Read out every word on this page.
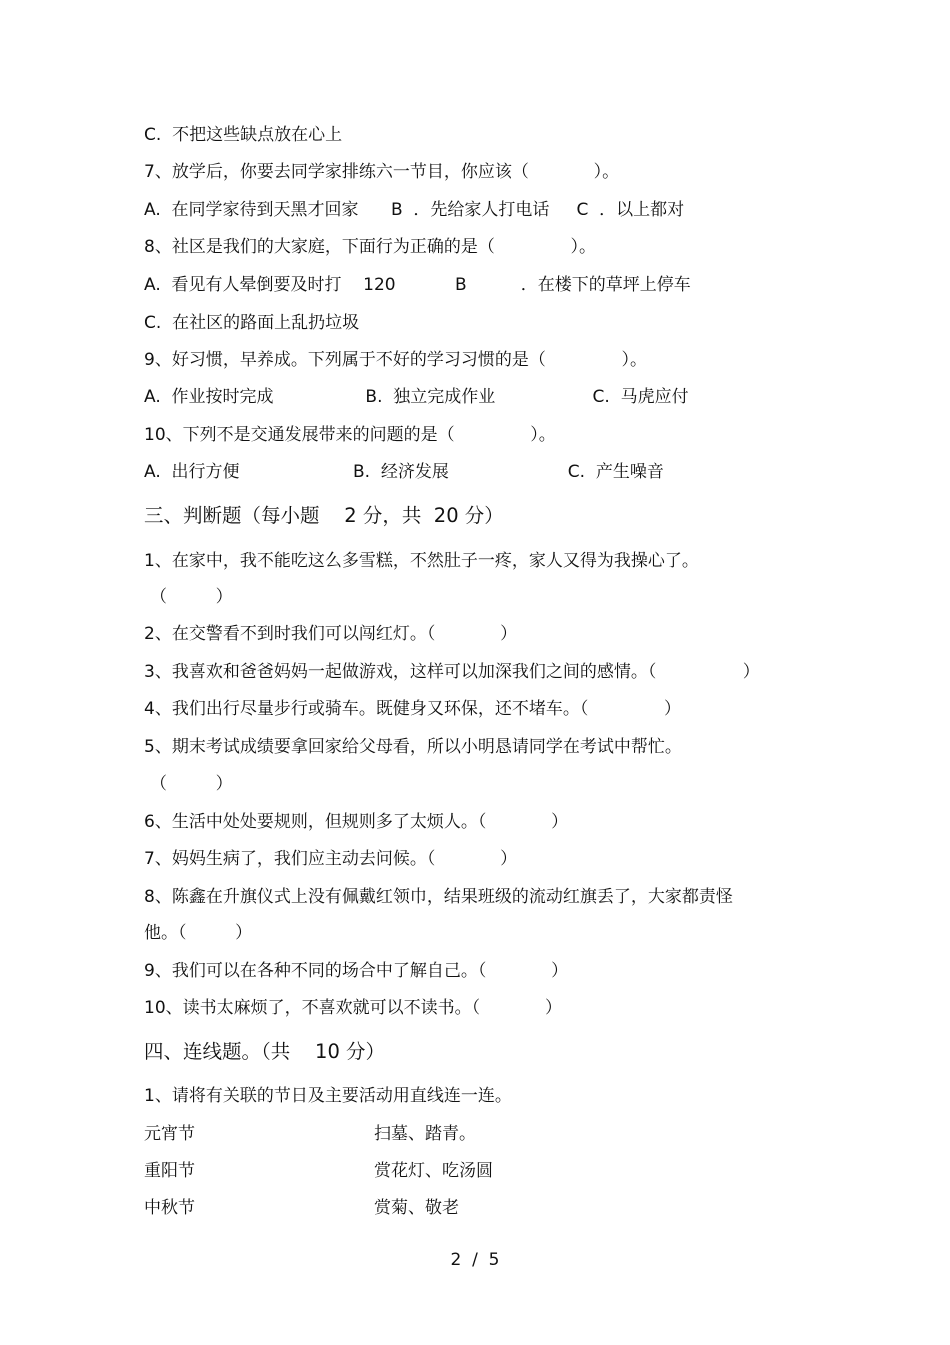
C.  不把这些缺点放在心上
7、放学后，你要去同学家排练六一节目，你应该（            ）。
A.  在同学家待到天黑才回家      B  ．先给家人打电话     C  ．以上都对
8、社区是我们的大家庭，下面行为正确的是（              ）。
A.  看见有人晕倒要及时打    120           B          ．在楼下的草坪上停车
C.  在社区的路面上乱扔垃圾
9、好习惯，早养成。下列属于不好的学习习惯的是（              ）。
A.  作业按时完成                 B.  独立完成作业                  C.  马虎应付
10、下列不是交通发展带来的问题的是（              ）。
A.  出行方便                     B.  经济发展                      C.  产生噪音
三、判断题（每小题    2 分，共  20 分）
1、在家中，我不能吃这么多雪糕，不然肚子一疼，家人又得为我操心了。
（         ）
2、在交警看不到时我们可以闯红灯。（            ）
3、我喜欢和爸爸妈妈一起做游戏，这样可以加深我们之间的感情。（                ）
4、我们出行尽量步行或骑车。既健身又环保，还不堵车。（              ）
5、期末考试成绩要拿回家给父母看，所以小明恳请同学在考试中帮忙。
（         ）
6、生活中处处要规则，但规则多了太烦人。（            ）
7、妈妈生病了，我们应主动去问候。（            ）
8、陈鑫在升旗仪式上没有佩戴红领巾，结果班级的流动红旗丢了，大家都责怪
他。（         ）
9、我们可以在各种不同的场合中了解自己。（            ）
10、读书太麻烦了，不喜欢就可以不读书。（            ）
四、连线题。（共    10 分）
1、请将有关联的节日及主要活动用直线连一连。
元宵节	扫墓、踏青。
重阳节	赏花灯、吃汤圆
中秋节	赏菊、敬老
2  /  5
